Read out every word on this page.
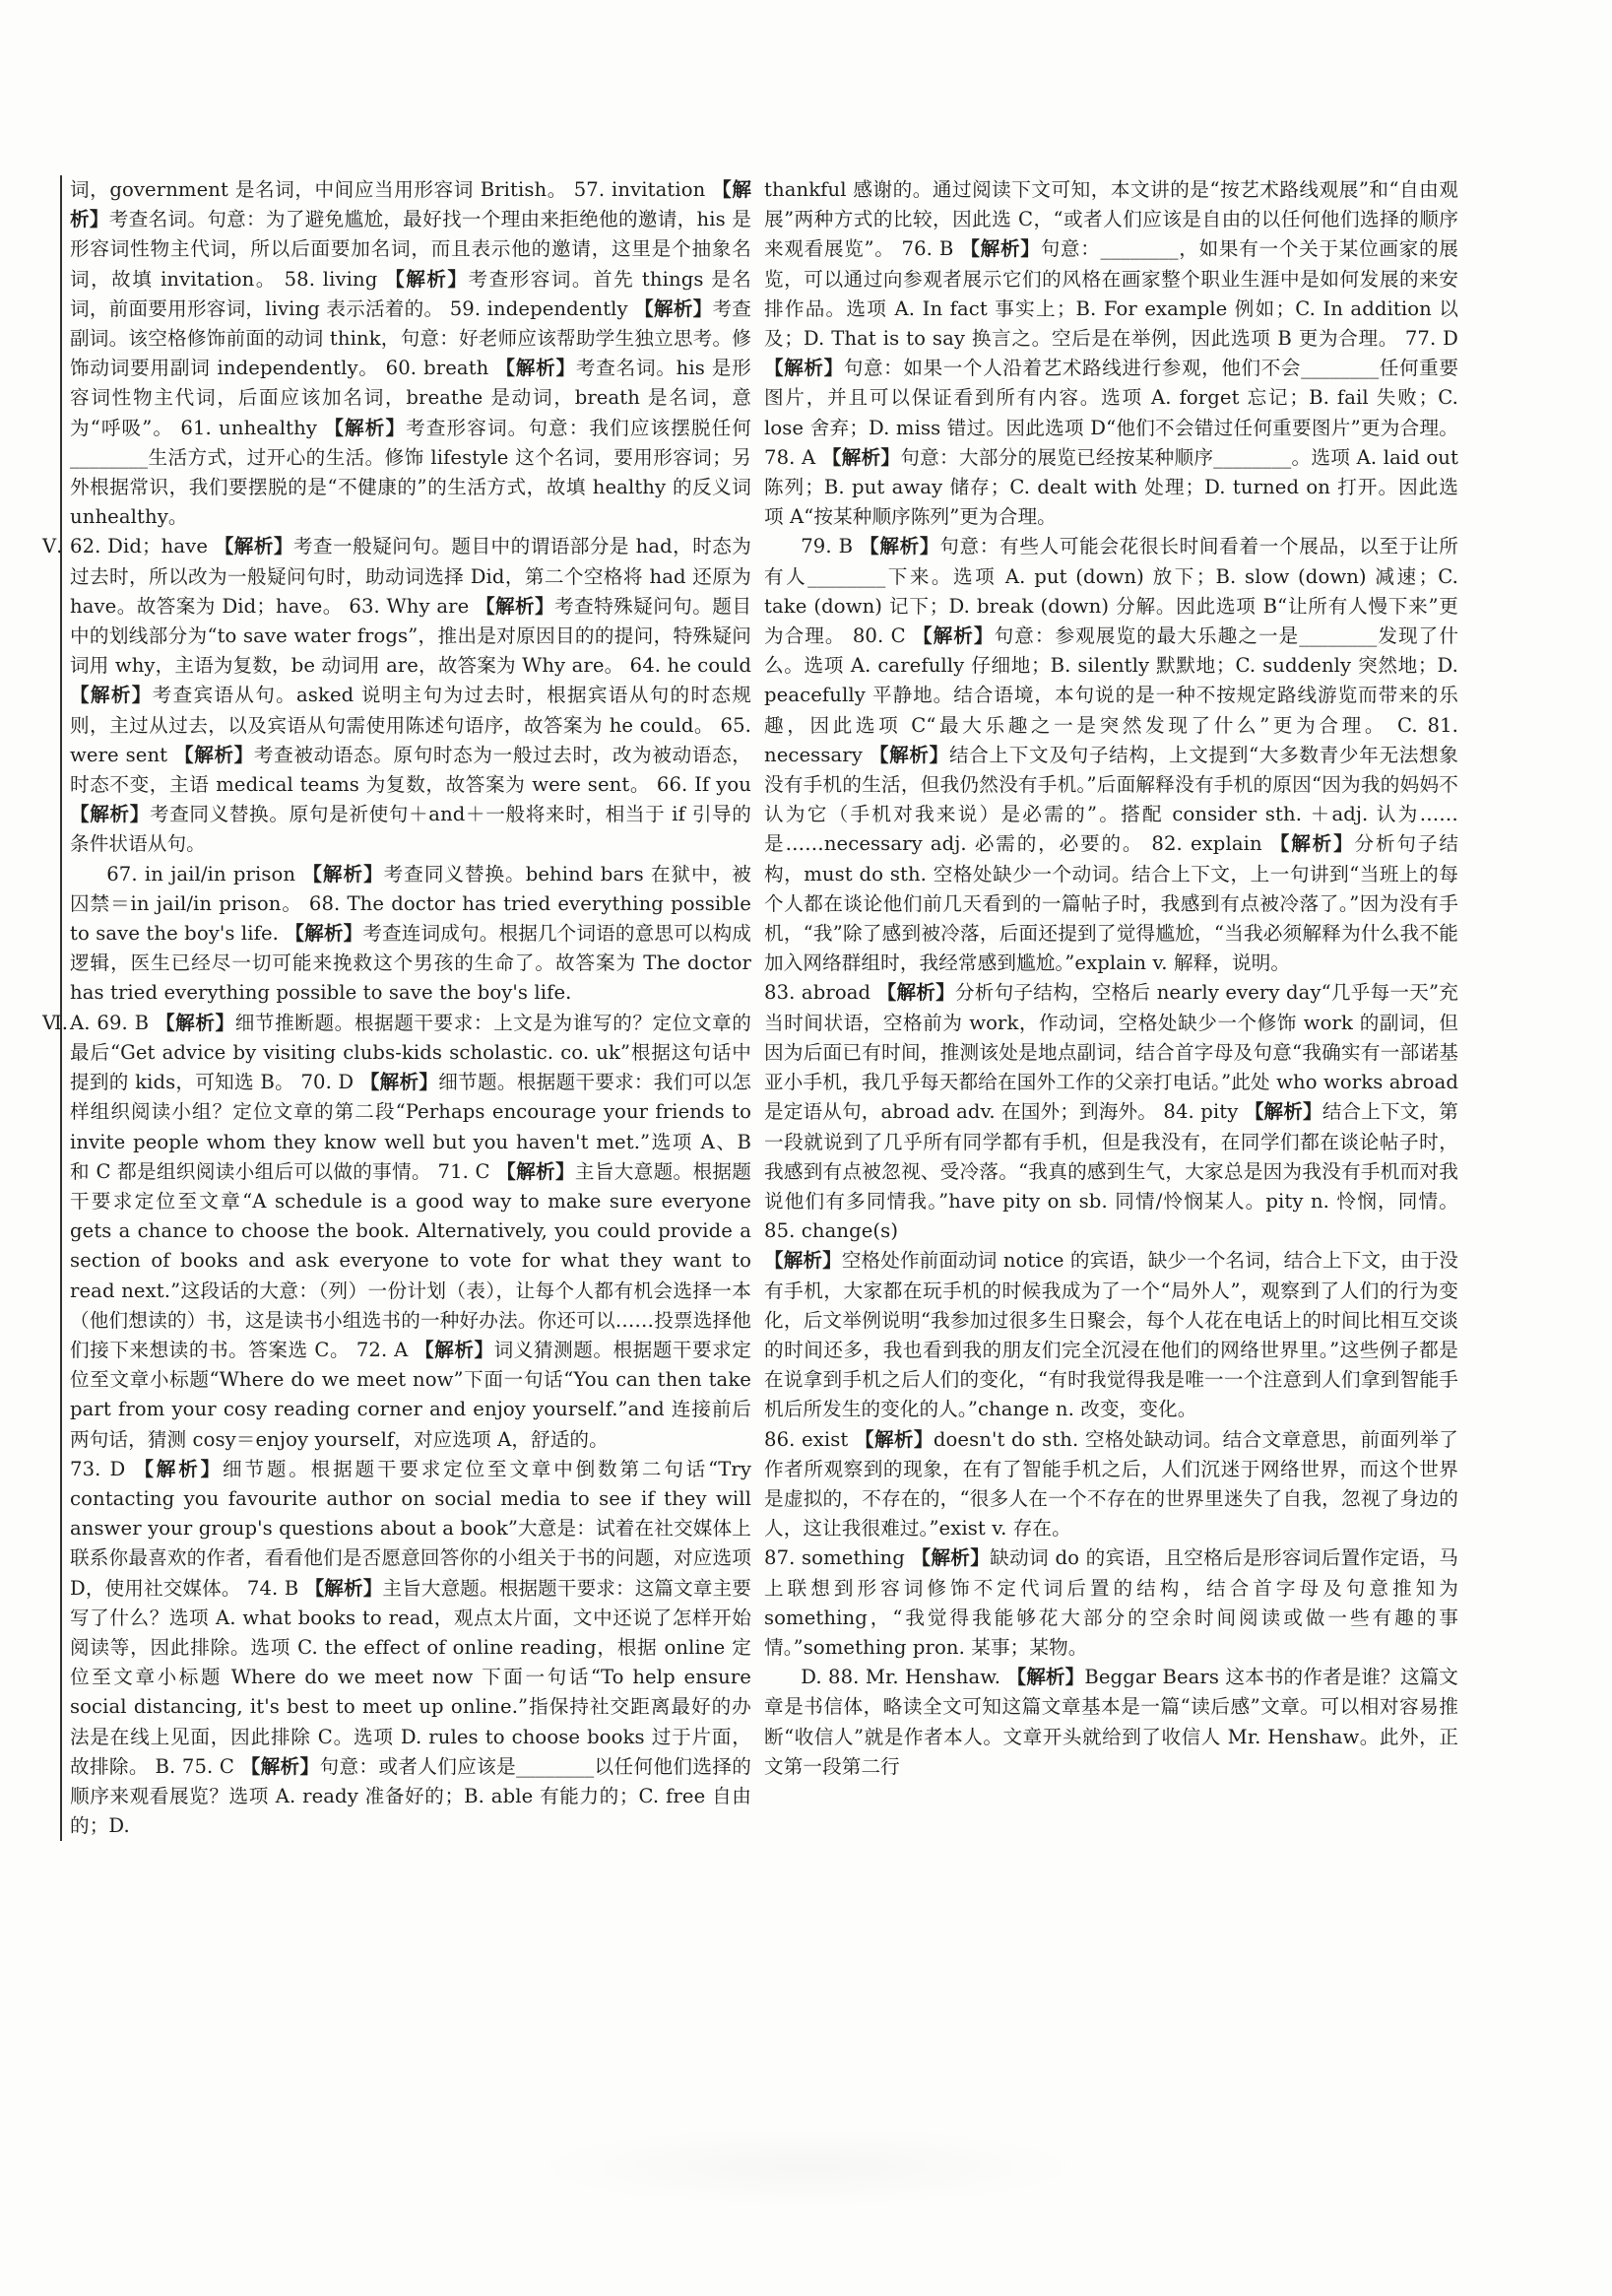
词，government 是名词，中间应当用形容词 British。 57. invitation 【解析】考查名词。句意：为了避免尴尬，最好找一个理由来拒绝他的邀请，his 是形容词性物主代词，所以后面要加名词，而且表示他的邀请，这里是个抽象名词，故填 invitation。 58. living 【解析】考查形容词。首先 things 是名词，前面要用形容词，living 表示活着的。 59. independently 【解析】考查副词。该空格修饰前面的动词 think，句意：好老师应该帮助学生独立思考。修饰动词要用副词 independently。 60. breath 【解析】考查名词。his 是形容词性物主代词，后面应该加名词，breathe 是动词，breath 是名词，意为“呼吸”。 61. unhealthy 【解析】考查形容词。句意：我们应该摆脱任何________生活方式，过开心的生活。修饰 lifestyle 这个名词，要用形容词；另外根据常识，我们要摆脱的是“不健康的”的生活方式，故填 healthy 的反义词 unhealthy。

Ⅴ. 62. Did；have 【解析】考查一般疑问句。题目中的谓语部分是 had，时态为过去时，所以改为一般疑问句时，助动词选择 Did，第二个空格将 had 还原为 have。故答案为 Did；have。 63. Why are 【解析】考查特殊疑问句。题目中的划线部分为“to save water frogs”，推出是对原因目的的提问，特殊疑问词用 why，主语为复数，be 动词用 are，故答案为 Why are。 64. he could 【解析】考查宾语从句。asked 说明主句为过去时，根据宾语从句的时态规则，主过从过去，以及宾语从句需使用陈述句语序，故答案为 he could。 65. were sent 【解析】考查被动语态。原句时态为一般过去时，改为被动语态，时态不变，主语 medical teams 为复数，故答案为 were sent。 66. If you 【解析】考查同义替换。原句是祈使句＋and＋一般将来时，相当于 if 引导的条件状语从句。

67. in jail/in prison 【解析】考查同义替换。behind bars 在狱中，被囚禁＝in jail/in prison。 68. The doctor has tried everything possible to save the boy's life. 【解析】考查连词成句。根据几个词语的意思可以构成逻辑，医生已经尽一切可能来挽救这个男孩的生命了。故答案为 The doctor has tried everything possible to save the boy's life.

Ⅵ. A. 69. B 【解析】细节推断题。根据题干要求：上文是为谁写的？定位文章的最后“Get advice by visiting clubs-kids scholastic. co. uk”根据这句话中提到的 kids，可知选 B。 70. D 【解析】细节题。根据题干要求：我们可以怎样组织阅读小组？定位文章的第二段“Perhaps encourage your friends to invite people whom they know well but you haven't met.”选项 A、B 和 C 都是组织阅读小组后可以做的事情。 71. C 【解析】主旨大意题。根据题干要求定位至文章“A schedule is a good way to make sure everyone gets a chance to choose the book. Alternatively, you could provide a section of books and ask everyone to vote for what they want to read next.”这段话的大意：（列）一份计划（表），让每个人都有机会选择一本（他们想读的）书，这是读书小组选书的一种好办法。你还可以……投票选择他们接下来想读的书。答案选 C。 72. A 【解析】词义猜测题。根据题干要求定位至文章小标题“Where do we meet now”下面一句话“You can then take part from your cosy reading corner and enjoy yourself.”and 连接前后两句话，猜测 cosy＝enjoy yourself，对应选项 A，舒适的。

73. D 【解析】细节题。根据题干要求定位至文章中倒数第二句话“Try contacting you favourite author on social media to see if they will answer your group's questions about a book”大意是：试着在社交媒体上联系你最喜欢的作者，看看他们是否愿意回答你的小组关于书的问题，对应选项 D，使用社交媒体。 74. B 【解析】主旨大意题。根据题干要求：这篇文章主要写了什么？选项 A. what books to read，观点太片面，文中还说了怎样开始阅读等，因此排除。选项 C. the effect of online reading，根据 online 定位至文章小标题 Where do we meet now 下面一句话“To help ensure social distancing, it's best to meet up online.”指保持社交距离最好的办法是在线上见面，因此排除 C。选项 D. rules to choose books 过于片面，故排除。 B. 75. C 【解析】句意：或者人们应该是________以任何他们选择的顺序来观看展览？选项 A. ready 准备好的；B. able 有能力的；C. free 自由的；D.

thankful 感谢的。通过阅读下文可知，本文讲的是“按艺术路线观展”和“自由观展”两种方式的比较，因此选 C，“或者人们应该是自由的以任何他们选择的顺序来观看展览”。 76. B 【解析】句意：________，如果有一个关于某位画家的展览，可以通过向参观者展示它们的风格在画家整个职业生涯中是如何发展的来安排作品。选项 A. In fact 事实上；B. For example 例如；C. In addition 以及；D. That is to say 换言之。空后是在举例，因此选项 B 更为合理。 77. D 【解析】句意：如果一个人沿着艺术路线进行参观，他们不会________任何重要图片，并且可以保证看到所有内容。选项 A. forget 忘记；B. fail 失败；C. lose 舍弃；D. miss 错过。因此选项 D“他们不会错过任何重要图片”更为合理。 78. A 【解析】句意：大部分的展览已经按某种顺序________。选项 A. laid out 陈列；B. put away 储存；C. dealt with 处理；D. turned on 打开。因此选项 A“按某种顺序陈列”更为合理。

79. B 【解析】句意：有些人可能会花很长时间看着一个展品，以至于让所有人________下来。选项 A. put (down) 放下；B. slow (down) 减速；C. take (down) 记下；D. break (down) 分解。因此选项 B“让所有人慢下来”更为合理。 80. C 【解析】句意：参观展览的最大乐趣之一是________发现了什么。选项 A. carefully 仔细地；B. silently 默默地；C. suddenly 突然地；D. peacefully 平静地。结合语境，本句说的是一种不按规定路线游览而带来的乐趣，因此选项 C“最大乐趣之一是突然发现了什么”更为合理。 C. 81. necessary 【解析】结合上下文及句子结构，上文提到“大多数青少年无法想象没有手机的生活，但我仍然没有手机。”后面解释没有手机的原因“因为我的妈妈不认为它（手机对我来说）是必需的”。搭配 consider sth. ＋adj. 认为……是……necessary adj. 必需的，必要的。 82. explain 【解析】分析句子结构，must do sth. 空格处缺少一个动词。结合上下文，上一句讲到“当班上的每个人都在谈论他们前几天看到的一篇帖子时，我感到有点被冷落了。”因为没有手机，“我”除了感到被冷落，后面还提到了觉得尴尬，“当我必须解释为什么我不能加入网络群组时，我经常感到尴尬。”explain v. 解释，说明。

83. abroad 【解析】分析句子结构，空格后 nearly every day“几乎每一天”充当时间状语，空格前为 work，作动词，空格处缺少一个修饰 work 的副词，但因为后面已有时间，推测该处是地点副词，结合首字母及句意“我确实有一部诺基亚小手机，我几乎每天都给在国外工作的父亲打电话。”此处 who works abroad 是定语从句，abroad adv. 在国外；到海外。 84. pity 【解析】结合上下文，第一段就说到了几乎所有同学都有手机，但是我没有，在同学们都在谈论帖子时，我感到有点被忽视、受冷落。“我真的感到生气，大家总是因为我没有手机而对我说他们有多同情我。”have pity on sb. 同情/怜悯某人。pity n. 怜悯，同情。 85. change(s)

【解析】空格处作前面动词 notice 的宾语，缺少一个名词，结合上下文，由于没有手机，大家都在玩手机的时候我成为了一个“局外人”，观察到了人们的行为变化，后文举例说明“我参加过很多生日聚会，每个人花在电话上的时间比相互交谈的时间还多，我也看到我的朋友们完全沉浸在他们的网络世界里。”这些例子都是在说拿到手机之后人们的变化，“有时我觉得我是唯一一个注意到人们拿到智能手机后所发生的变化的人。”change n. 改变，变化。

86. exist 【解析】doesn't do sth. 空格处缺动词。结合文章意思，前面列举了作者所观察到的现象，在有了智能手机之后，人们沉迷于网络世界，而这个世界是虚拟的，不存在的，“很多人在一个不存在的世界里迷失了自我，忽视了身边的人，这让我很难过。”exist v. 存在。

87. something 【解析】缺动词 do 的宾语，且空格后是形容词后置作定语，马上联想到形容词修饰不定代词后置的结构，结合首字母及句意推知为 something，“我觉得我能够花大部分的空余时间阅读或做一些有趣的事情。”something pron. 某事；某物。

D. 88. Mr. Henshaw. 【解析】Beggar Bears 这本书的作者是谁？这篇文章是书信体，略读全文可知这篇文章基本是一篇“读后感”文章。可以相对容易推断“收信人”就是作者本人。文章开头就给到了收信人 Mr. Henshaw。此外，正文第一段第二行
